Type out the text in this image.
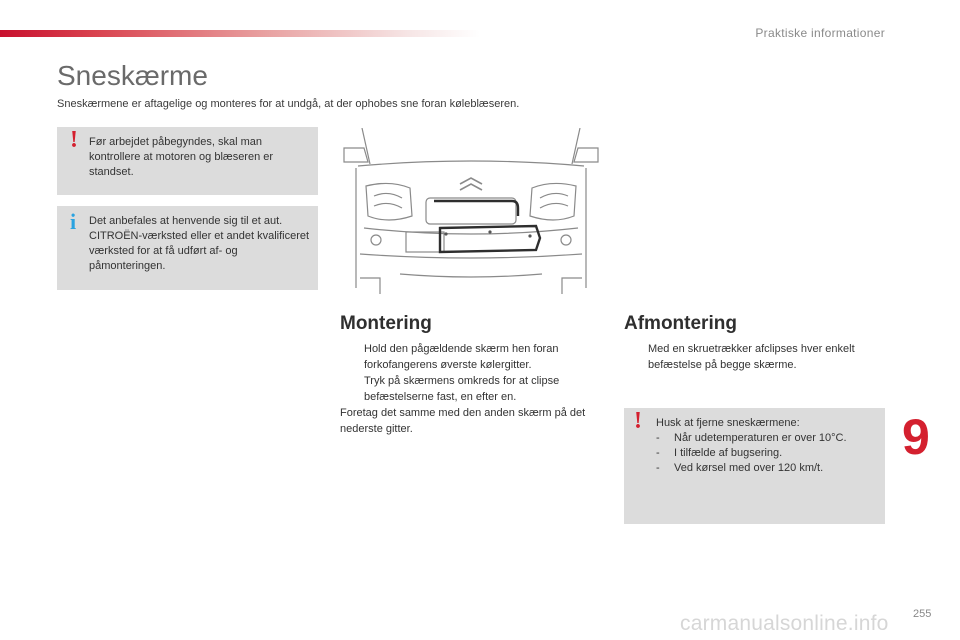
Praktiske informationer
Sneskærme
Sneskærmene er aftagelige og monteres for at undgå, at der ophobes sne foran køleblæseren.
! Før arbejdet påbegyndes, skal man kontrollere at motoren og blæseren er standset.
i Det anbefales at henvende sig til et aut. CITROËN-værksted eller et andet kvalificeret værksted for at få udført af- og påmonteringen.
Montering
Hold den pågældende skærm hen foran forkofangerens øverste kølergitter.
Tryk på skærmens omkreds for at clipse befæstelserne fast, en efter en.
Foretag det samme med den anden skærm på det nederste gitter.
Afmontering
Med en skruetrækker afclipses hver enkelt befæstelse på begge skærme.
! Husk at fjerne sneskærmene:
- Når udetemperaturen er over 10°C.
- I tilfælde af bugsering.
- Ved kørsel med over 120 km/t.
9
255
carmanualsonline.info
